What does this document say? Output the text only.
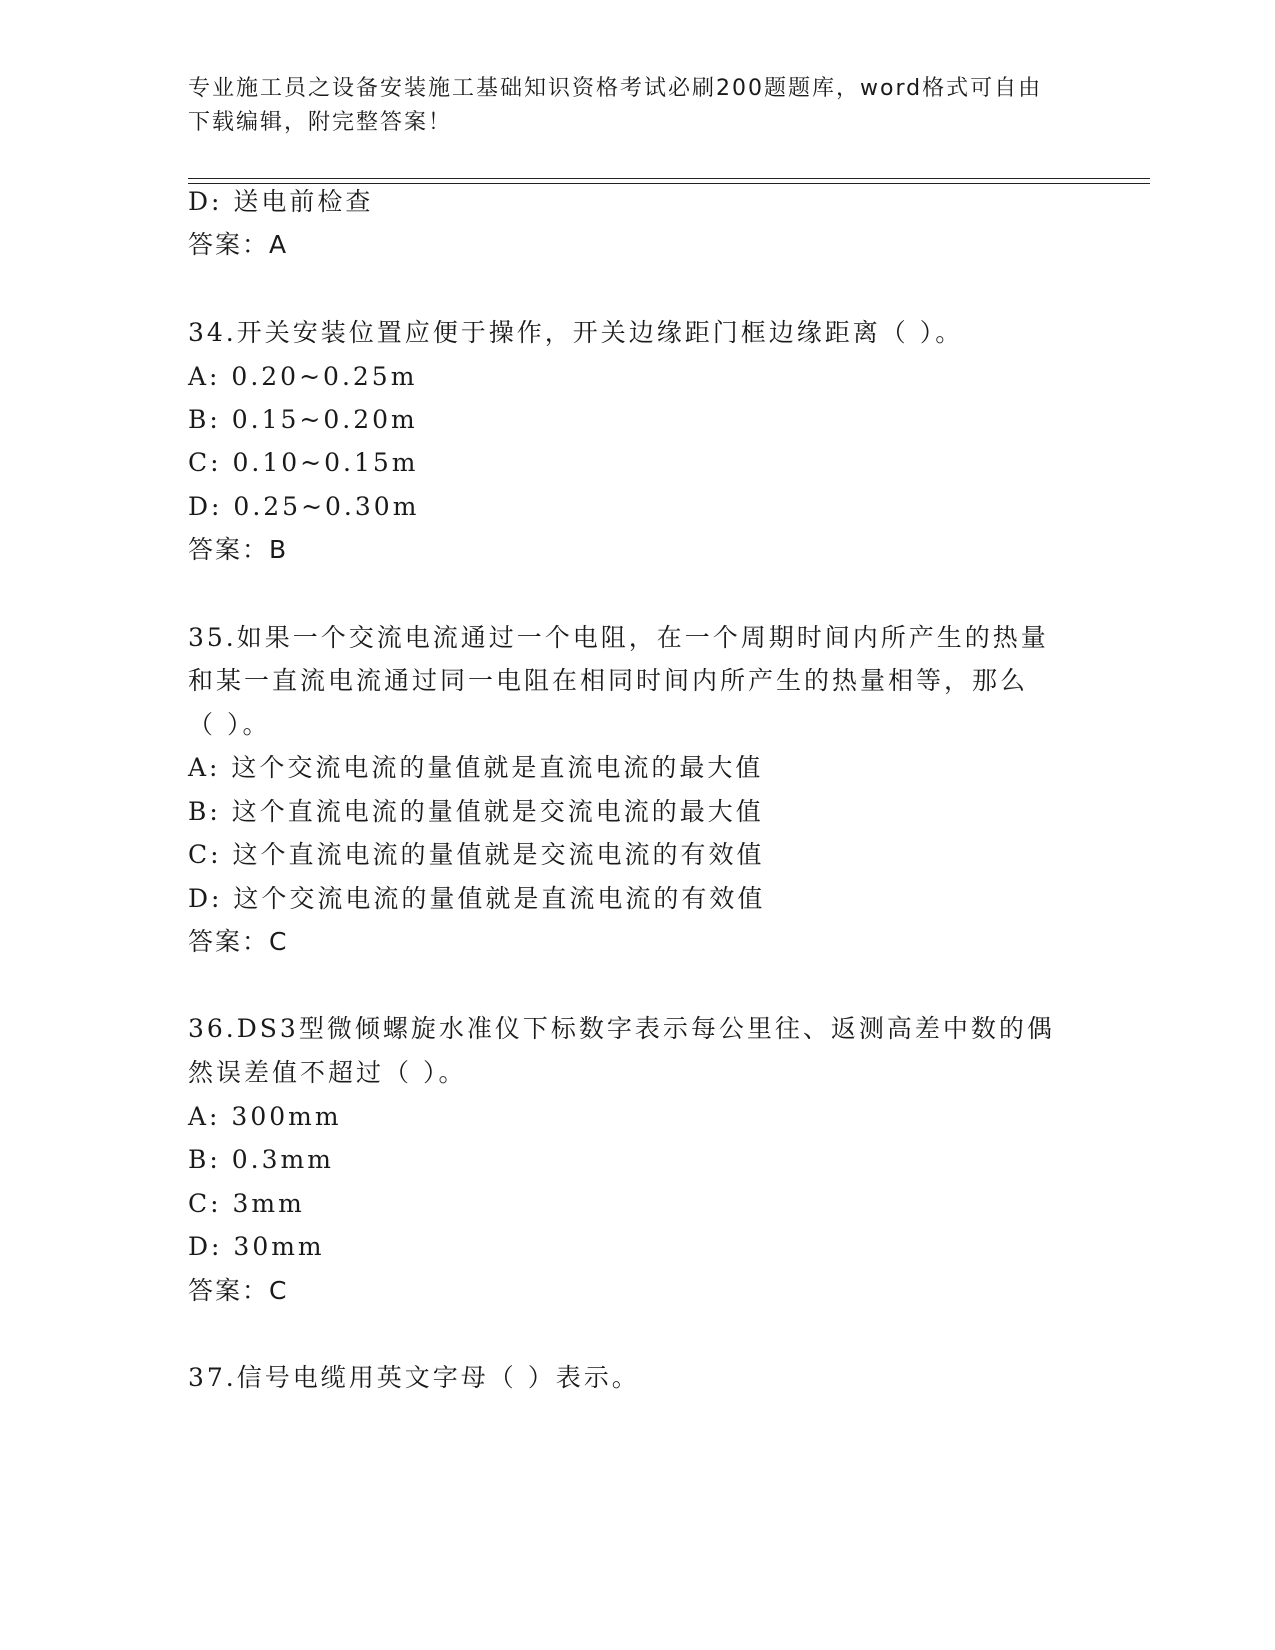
专业施工员之设备安装施工基础知识资格考试必刷200题题库，word格式可自由
下载编辑，附完整答案！
D: 送电前检查
答案：A
34.开关安装位置应便于操作，开关边缘距门框边缘距离（ ）。
A: 0.20~0.25m
B: 0.15~0.20m
C: 0.10~0.15m
D: 0.25~0.30m
答案：B
35.如果一个交流电流通过一个电阻，在一个周期时间内所产生的热量
和某一直流电流通过同一电阻在相同时间内所产生的热量相等，那么
（ ）。
A: 这个交流电流的量值就是直流电流的最大值
B: 这个直流电流的量值就是交流电流的最大值
C: 这个直流电流的量值就是交流电流的有效值
D: 这个交流电流的量值就是直流电流的有效值
答案：C
36.DS3型微倾螺旋水准仪下标数字表示每公里往、返测高差中数的偶
然误差值不超过（ ）。
A: 300mm
B: 0.3mm
C: 3mm
D: 30mm
答案：C
37.信号电缆用英文字母（ ）表示。
